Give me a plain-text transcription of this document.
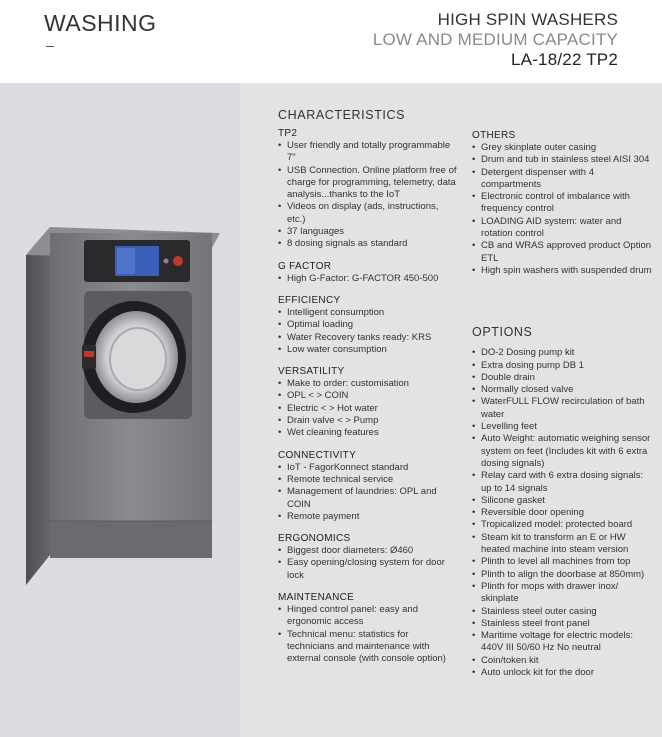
WASHING	HIGH SPIN WASHERS
LOW AND MEDIUM CAPACITY
LA-18/22 TP2
CHARACTERISTICS
TP2
• User friendly and totally programmable 7"
• USB Connection. Online platform free of charge for programming, telemetry, data analysis...thanks to the IoT
• Videos on display (ads, instructions, etc.)
• 37 languages
• 8 dosing signals as standard
G FACTOR
• High G-Factor: G-FACTOR 450-500
EFFICIENCY
• Intelligent consumption
• Optimal loading
• Water Recovery tanks ready: KRS
• Low water consumption
VERSATILITY
• Make to order: customisation
• OPL < > COIN
• Electric < > Hot water
• Drain valve < > Pump
• Wet cleaning features
CONNECTIVITY
• IoT - FagorKonnect standard
• Remote technical service
• Management of laundries: OPL and COIN
• Remote payment
ERGONOMICS
• Biggest door diameters: Ø460
• Easy opening/closing system for door lock
MAINTENANCE
• Hinged control panel: easy and ergonomic access
• Technical menu: statistics for technicians and maintenance with external console (with console option)
OTHERS
• Grey skinplate outer casing
• Drum and tub in stainless steel AISI 304
• Detergent dispenser with 4 compartments
• Electronic control of imbalance with frequency control
• LOADING AID system: water and rotation control
• CB and WRAS approved product Option ETL
• High spin washers with suspended drum
OPTIONS
• DO-2 Dosing pump kit
• Extra dosing pump DB 1
• Double drain
• Normally closed valve
• WaterFULL FLOW recirculation of bath water
• Levelling feet
• Auto Weight: automatic weighing sensor system on feet (Includes kit with 6 extra dosing signals)
• Relay card with 6 extra dosing signals: up to 14 signals
• Silicone gasket
• Reversible door opening
• Tropicalized model: protected board
• Steam kit to transform an E or HW heated machine into steam version
• Plinth to level all machines from top
• Plinth to align the doorbase at 850mm)
• Plinth for mops with drawer inox/ skinplate
• Stainless steel outer casing
• Stainless steel front panel
• Maritime voltage for electric models: 440V III 50/60 Hz No neutral
• Coin/token kit
• Auto unlock kit for the door
